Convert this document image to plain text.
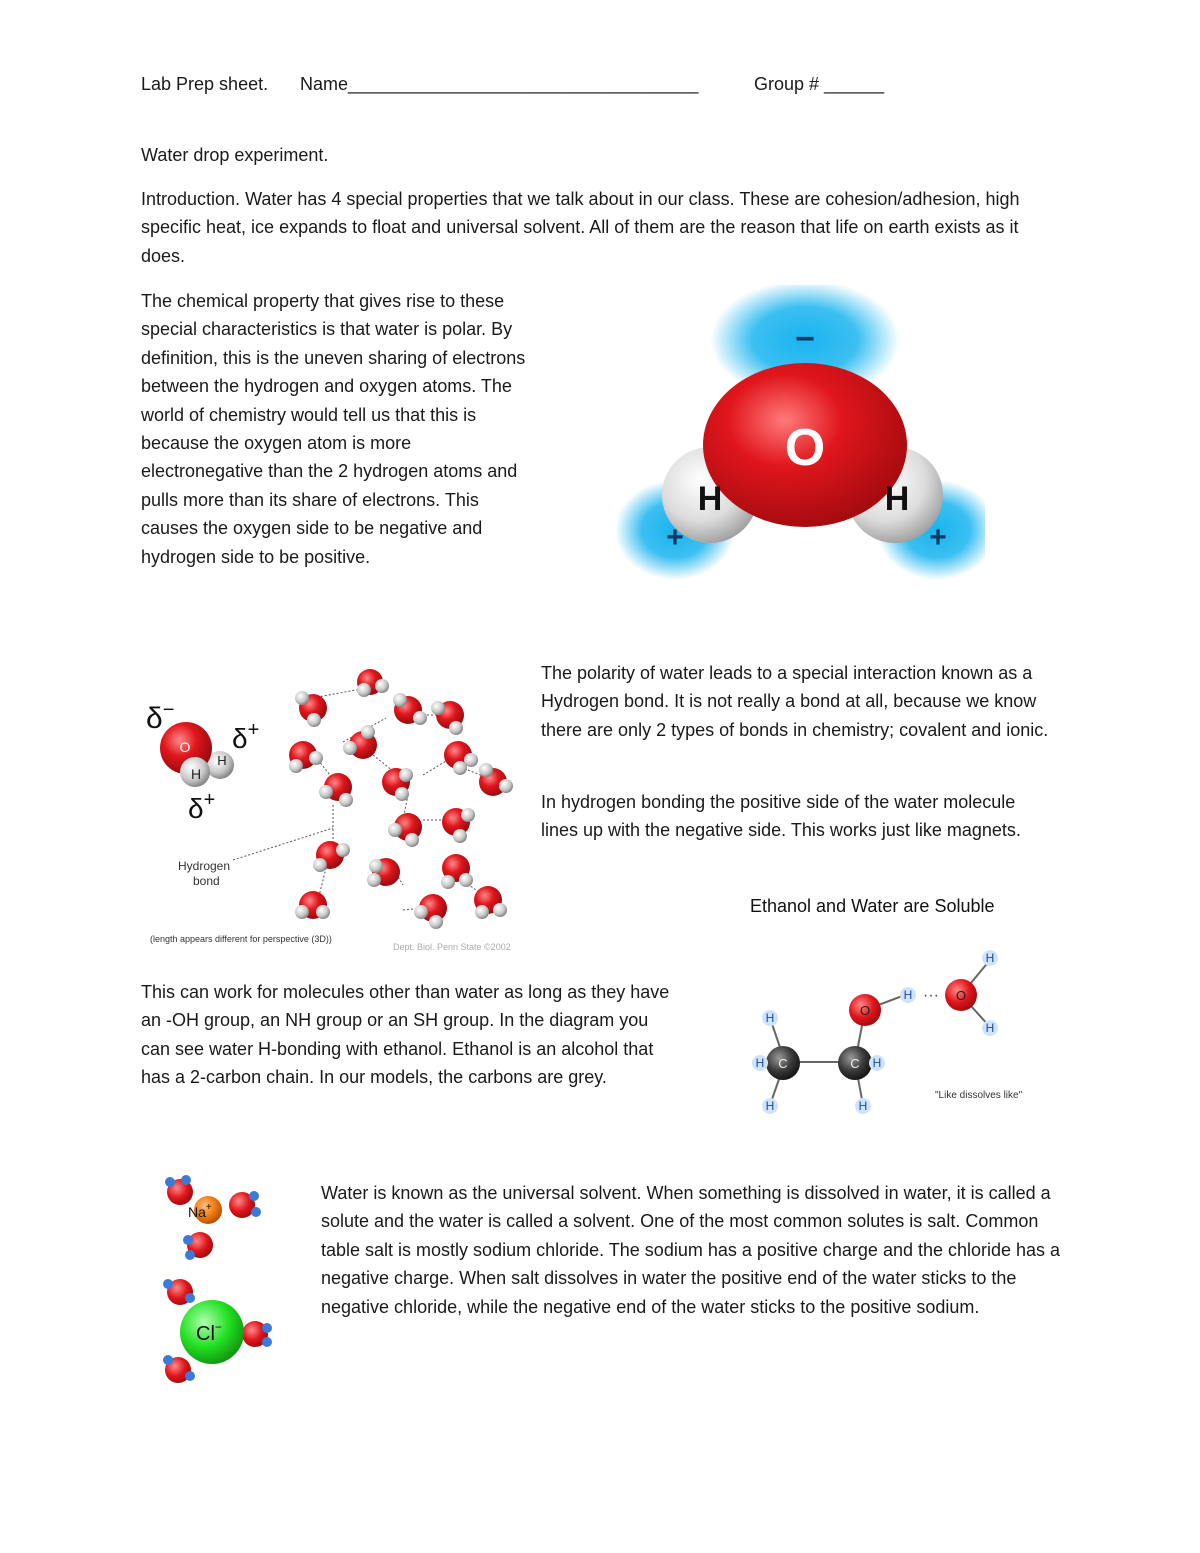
Lab Prep sheet. Name___________________________________	Group # ______

Water drop experiment.

Introduction. Water has 4 special properties that we talk about in our class. These are cohesion/adhesion, high specific heat, ice expands to float and universal solvent. All of them are the reason that life on earth exists as it does.

The chemical property that gives rise to these special characteristics is that water is polar. By definition, this is the uneven sharing of electrons between the hydrogen and oxygen atoms. The world of chemistry would tell us that this is because the oxygen atom is more electronegative than the 2 hydrogen atoms and pulls more than its share of electrons. This causes the oxygen side to be negative and hydrogen side to be positive.

O
H	H
−
+	+
δ−
O
H
H
δ+
δ+
Hydrogen
bond
(length appears different for perspective (3D))
Dept. Biol. Penn State ©2002

The polarity of water leads to a special interaction known as a Hydrogen bond. It is not really a bond at all, because we know there are only 2 types of bonds in chemistry; covalent and ionic.

In hydrogen bonding the positive side of the water molecule lines up with the negative side. This works just like magnets.

Ethanol and Water are Soluble
C	C
O
O
H
H
H
H
H
H
H
H
···
"Like dissolves like"

This can work for molecules other than water as long as they have an -OH group, an NH group or an SH group. In the diagram you can see water H-bonding with ethanol. Ethanol is an alcohol that has a 2-carbon chain. In our models, the carbons are grey.

Na+
Cl−

Water is known as the universal solvent. When something is dissolved in water, it is called a solute and the water is called a solvent. One of the most common solutes is salt. Common table salt is mostly sodium chloride. The sodium has a positive charge and the chloride has a negative charge. When salt dissolves in water the positive end of the water sticks to the negative chloride, while the negative end of the water sticks to the positive sodium.
